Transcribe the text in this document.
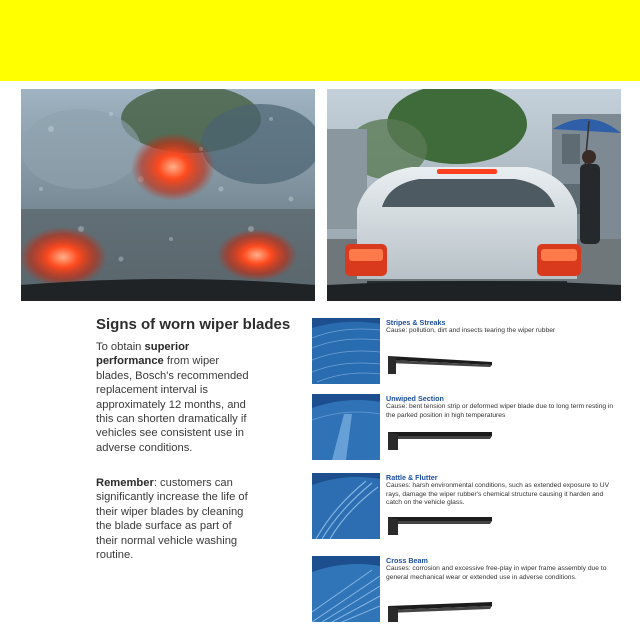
Signs of worn wiper blades
To obtain superior performance from wiper blades, Bosch's recommended replacement interval is approximately 12 months, and this can shorten dramatically if vehicles see consistent use in adverse conditions.
Remember: customers can significantly increase the life of their wiper blades by cleaning the blade surface as part of their normal vehicle washing routine.
Stripes & Streaks
Cause: pollution, dirt and insects tearing the wiper rubber
Unwiped Section
Cause: bent tension strip or deformed wiper blade due to long term resting in the parked position in high temperatures
Rattle & Flutter
Causes: harsh environmental conditions, such as extended exposure to UV rays, damage the wiper rubber's chemical structure causing it harden and catch on the vehicle glass.
Cross Beam
Causes: corrosion and excessive free-play in wiper frame assembly due to general mechanical wear or extended use in adverse conditions.
